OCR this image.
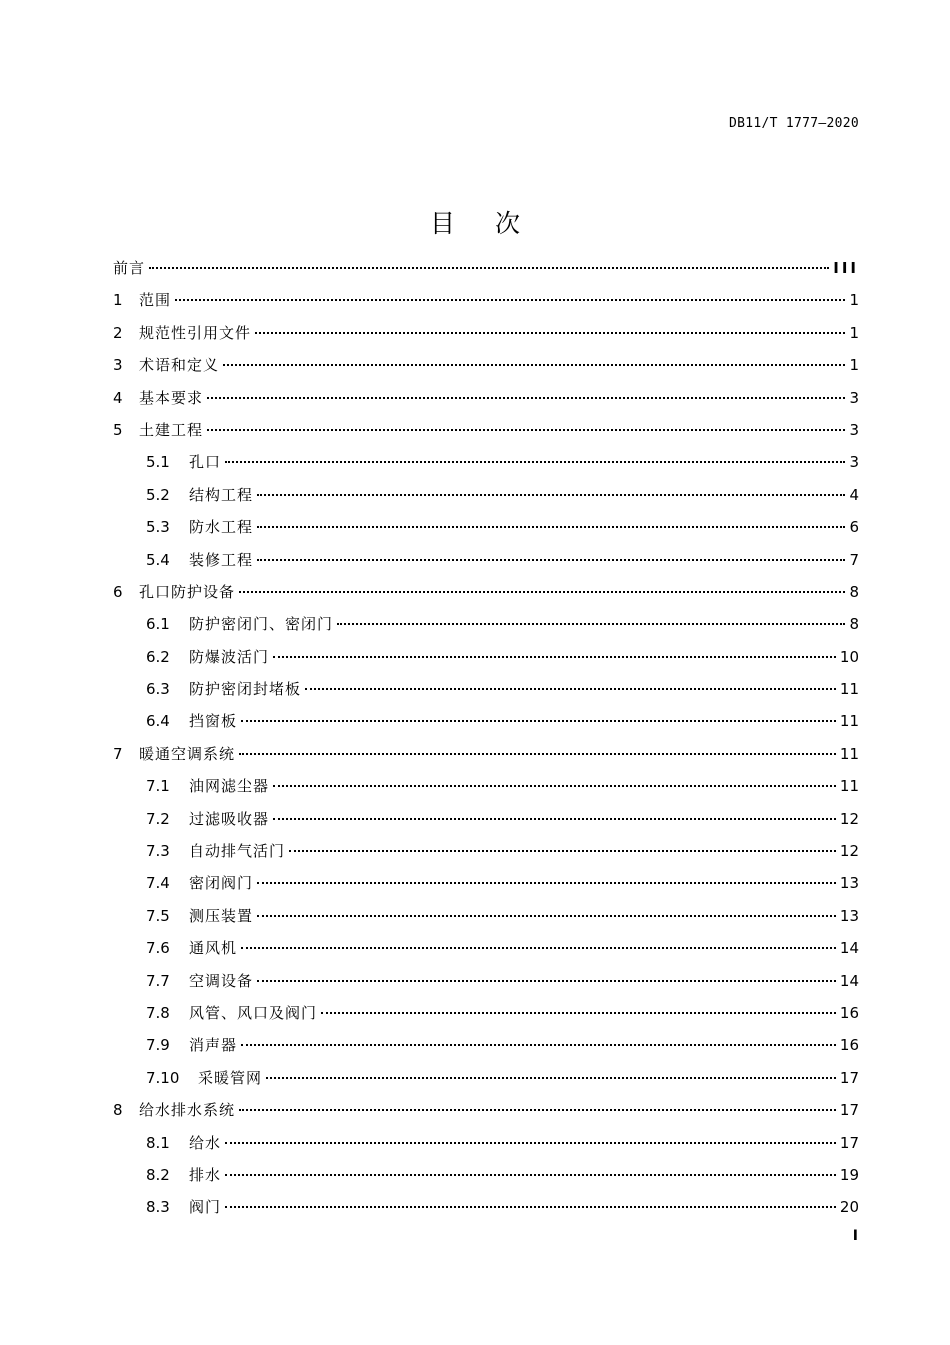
DB11/T 1777—2020
目次
前言	III
1	范围	1
2	规范性引用文件	1
3	术语和定义	1
4	基本要求	3
5	土建工程	3
5.1	孔口	3
5.2	结构工程	4
5.3	防水工程	6
5.4	装修工程	7
6	孔口防护设备	8
6.1	防护密闭门、密闭门	8
6.2	防爆波活门	10
6.3	防护密闭封堵板	11
6.4	挡窗板	11
7	暖通空调系统	11
7.1	油网滤尘器	11
7.2	过滤吸收器	12
7.3	自动排气活门	12
7.4	密闭阀门	13
7.5	测压装置	13
7.6	通风机	14
7.7	空调设备	14
7.8	风管、风口及阀门	16
7.9	消声器	16
7.10	采暖管网	17
8	给水排水系统	17
8.1	给水	17
8.2	排水	19
8.3	阀门	20
I
